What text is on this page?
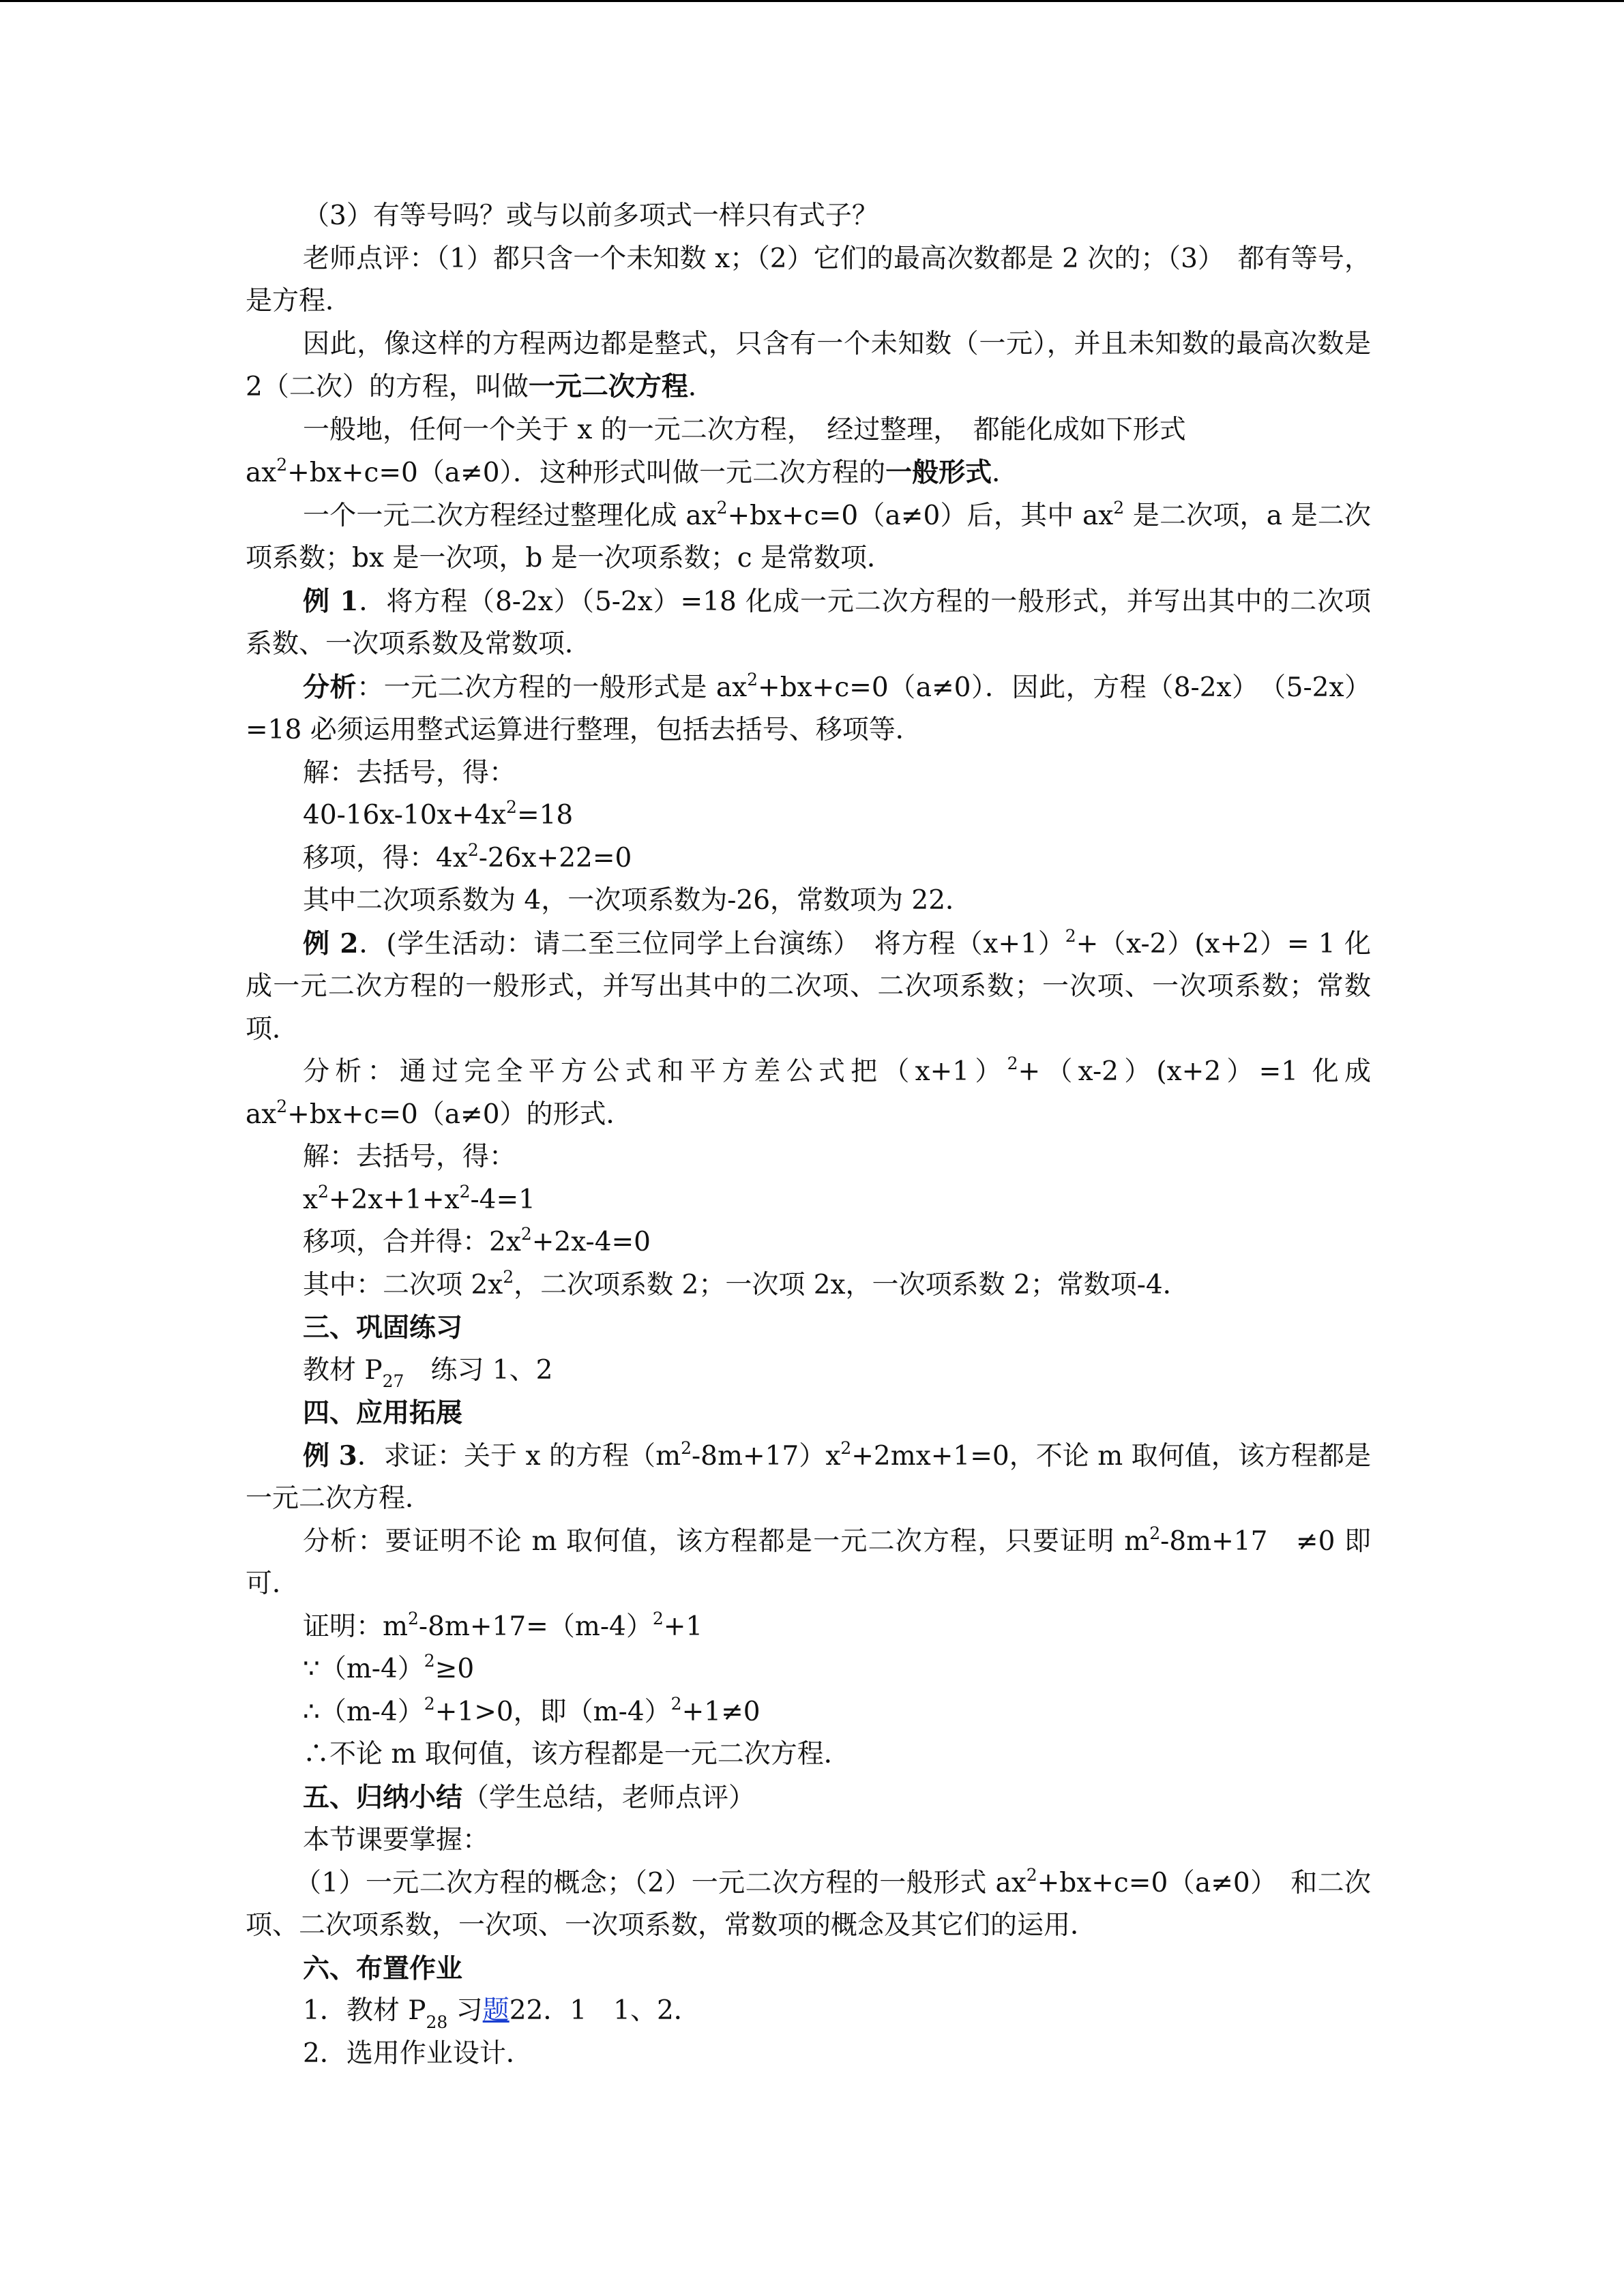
（3）有等号吗？或与以前多项式一样只有式子？

老师点评：（1）都只含一个未知数 x；（2）它们的最高次数都是 2 次的；（3）　都有等号，是方程．

因此，像这样的方程两边都是整式，只含有一个未知数（一元），并且未知数的最高次数是 2（二次）的方程，叫做一元二次方程．

一般地，任何一个关于 x 的一元二次方程，　经过整理，　都能化成如下形式
$ax^2+bx+c=0(a\ne 0)$．这种形式叫做一元二次方程的一般形式．

一个一元二次方程经过整理化成 $ax^2+bx+c=0(a\ne 0)$后，其中 $ax^2$ 是二次项，a 是二次项系数；bx 是一次项，b 是一次项系数；c 是常数项．

例 1．将方程（8-2x）（5-2x）=18 化成一元二次方程的一般形式，并写出其中的二次项系数、一次项系数及常数项．

分析：一元二次方程的一般形式是 $ax^2+bx+c=0(a\ne 0)$．因此，方程（8-2x）　（5-2x）=18 必须运用整式运算进行整理，包括去括号、移项等．

解：去括号，得：

$40-16x-10x+4x^2=18$

移项，得：$4x^2-26x+22=0$

其中二次项系数为 4，一次项系数为-26，常数项为 22．

例 2．(学生活动：请二至三位同学上台演练）　将方程$(x+1)^2+(x-2)(x+2)= 1$ 化成一元二次方程的一般形式，并写出其中的二次项、二次项系数；一次项、一次项系数；常数项．

分析：通过完全平方公式和平方差公式把$(x+1)^2+(x-2)(x+2)=1$ 化成 $ax^2+bx+c=0(a\ne 0)$的形式．

解：去括号，得：

$x^2+2x+1+x^2-4=1$

移项，合并得：$2x^2+2x-4=0$

其中：二次项 $2x^2$，二次项系数 2；一次项 2x，一次项系数 2；常数项-4．

三、巩固练习

教材 $P_{27}$　练习 1、2

四、应用拓展

例 3．求证：关于 x 的方程$(m^2-8m+17)x^2+2mx+1=0$，不论 m 取何值，该方程都是一元二次方程．

分析：要证明不论 m 取何值，该方程都是一元二次方程，只要证明 $m^2-8m+17$　≠0 即可．

证明：$m^2-8m+17=(m-4)^2+1$

$\because(m-4)^2\ge 0$

$\therefore(m-4)^2+1>0$，即$(m-4)^2+1\ne 0$

∴不论 m 取何值，该方程都是一元二次方程．

五、归纳小结（学生总结，老师点评）

本节课要掌握：

（1）一元二次方程的概念；（2）一元二次方程的一般形式 $ax^2+bx+c=0(a\ne 0)$　和二次项、二次项系数，一次项、一次项系数，常数项的概念及其它们的运用．

六、布置作业

1．教材 $P_{28}$ 习题22．1　1、2．

2．选用作业设计．
